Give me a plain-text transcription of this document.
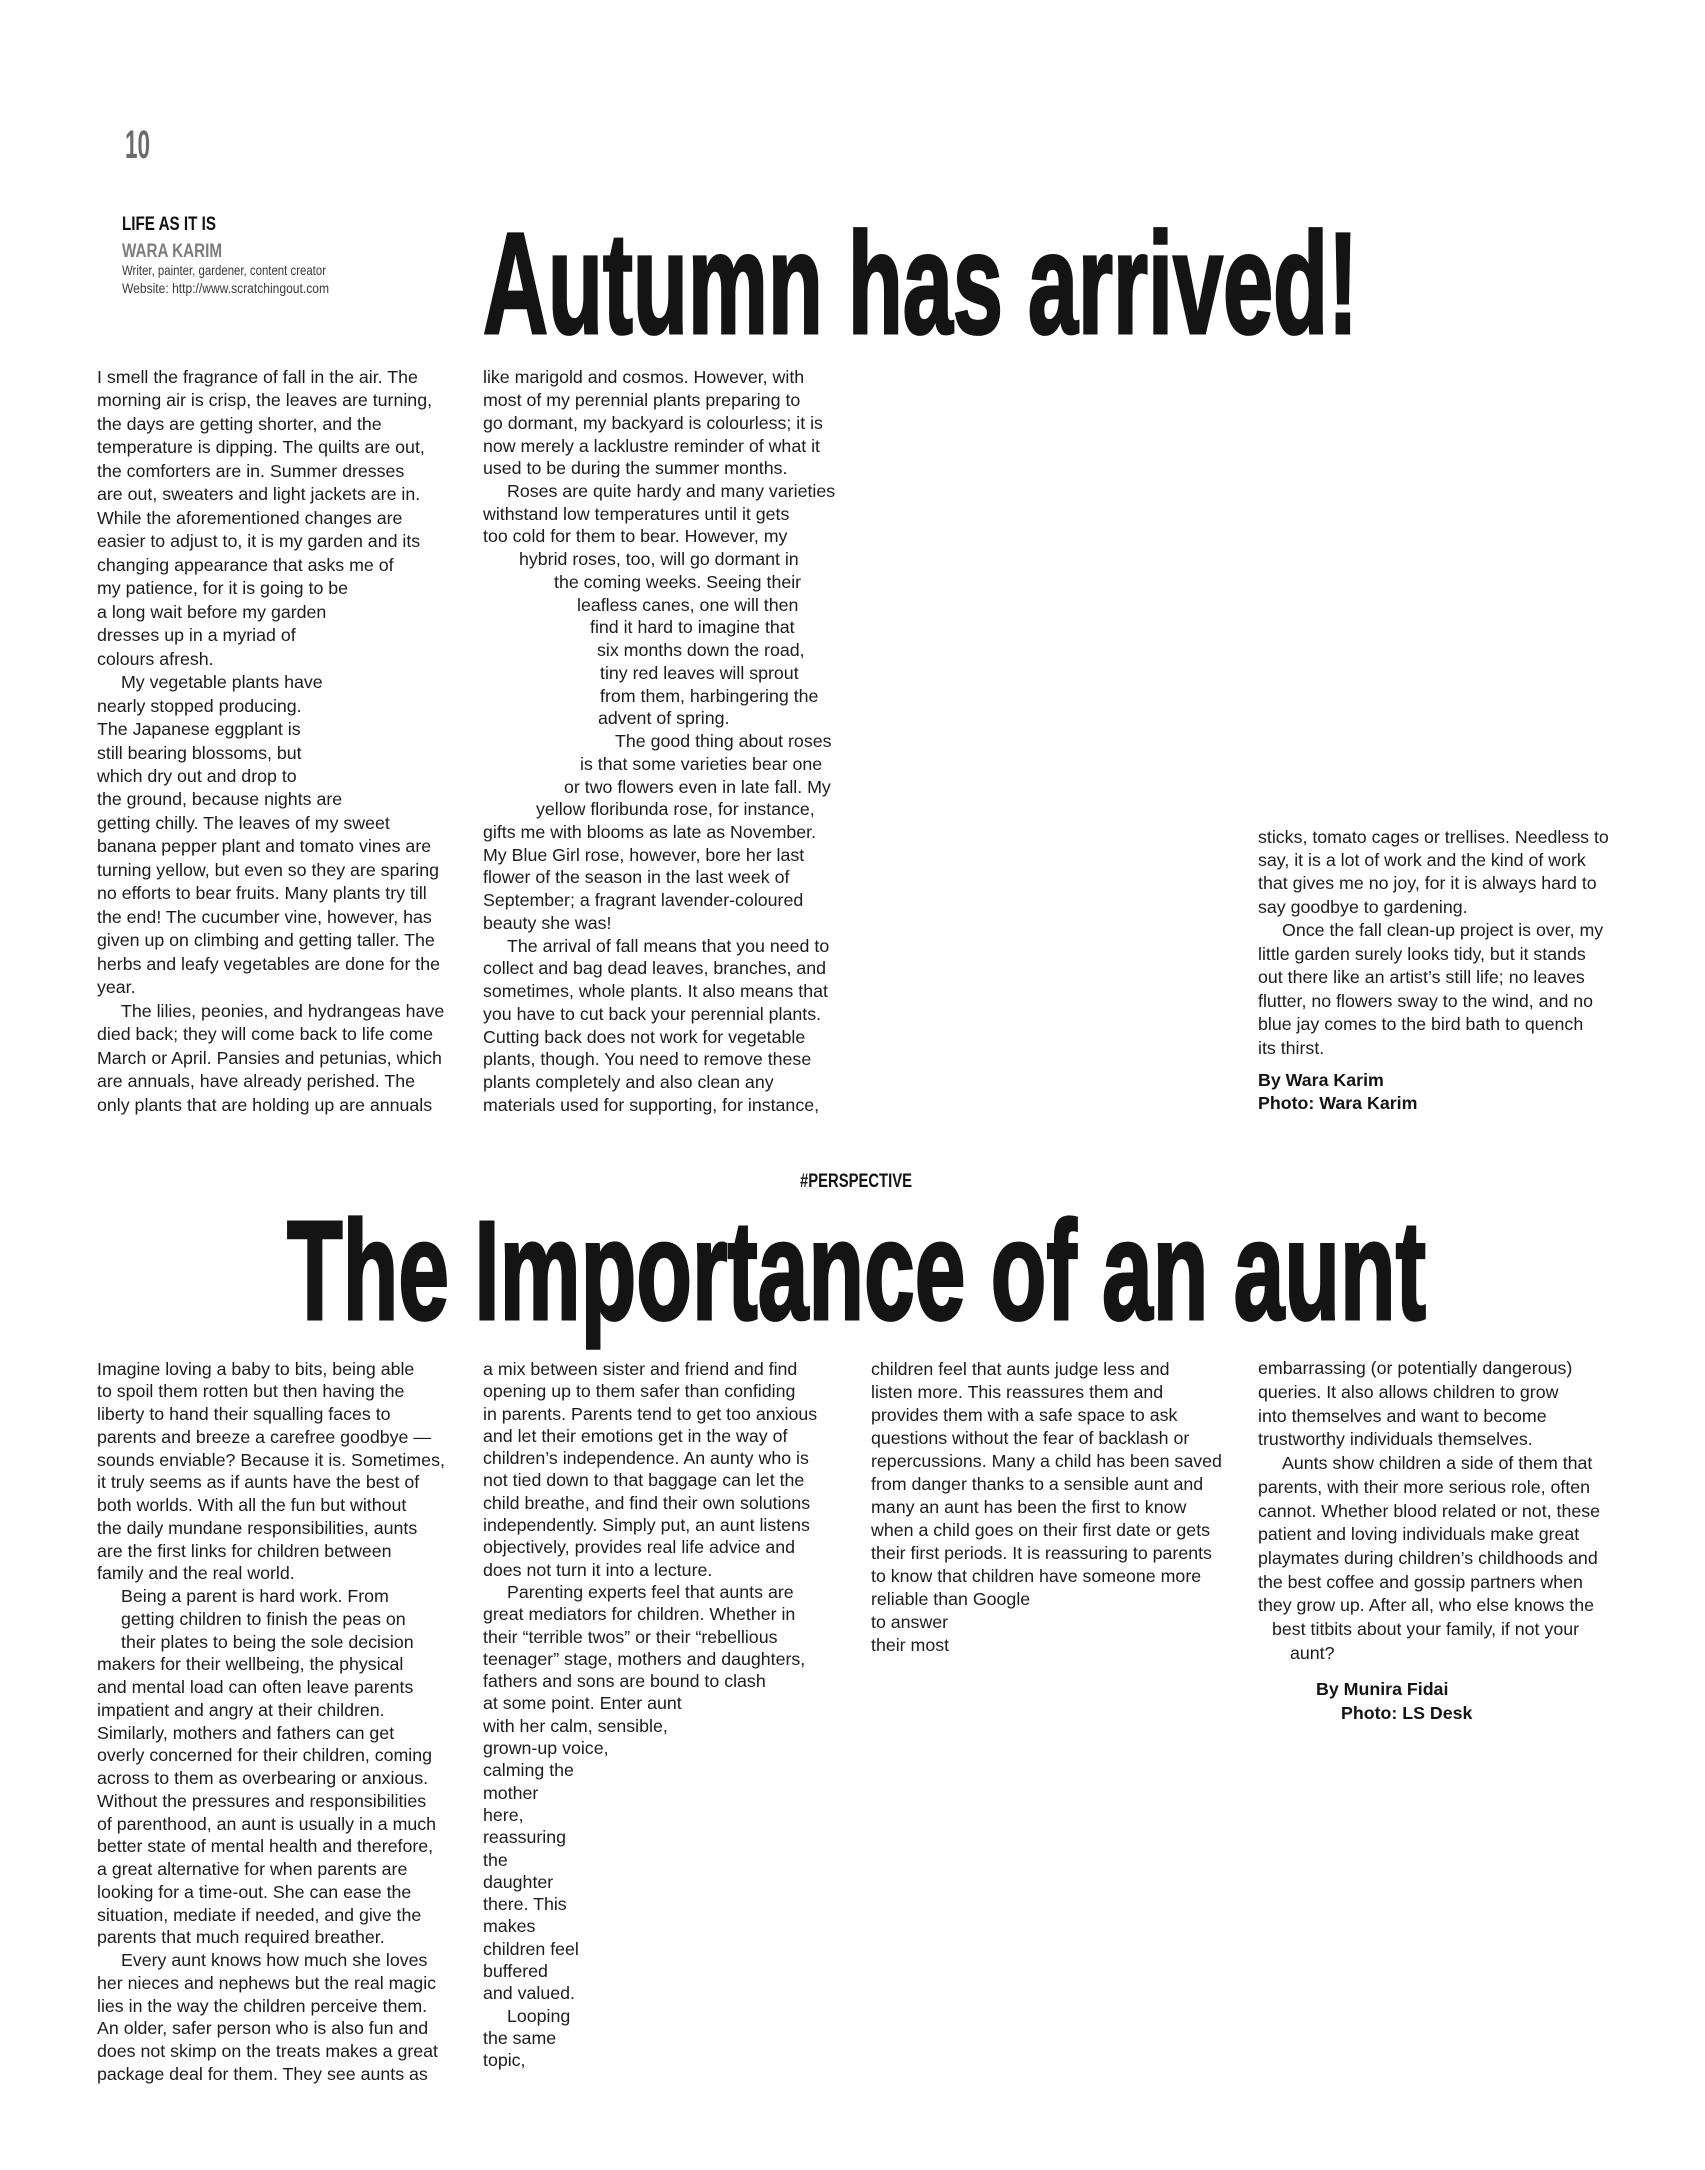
10
LIFE AS IT IS
WARA KARIM
Writer, painter, gardener, content creator
Website: http://www.scratchingout.com Autumn has arrived!
#PERSPECTIVE
The Importance of an aunt
I smell the fragrance of fall in the air. The
morning air is crisp, the leaves are turning,
the days are getting shorter, and the
temperature is dipping. The quilts are out,
the comforters are in. Summer dresses
are out, sweaters and light jackets are in.
While the aforementioned changes are
easier to adjust to, it is my garden and its
changing appearance that asks me of
my patience, for it is going to be
a long wait before my garden
dresses up in a myriad of
colours afresh.
My vegetable plants have
nearly stopped producing.
The Japanese eggplant is
still bearing blossoms, but
which dry out and drop to
the ground, because nights are
getting chilly. The leaves of my sweet
banana pepper plant and tomato vines are
turning yellow, but even so they are sparing
no efforts to bear fruits. Many plants try till
the end! The cucumber vine, however, has
given up on climbing and getting taller. The
herbs and leafy vegetables are done for the
year.
The lilies, peonies, and hydrangeas have
died back; they will come back to life come
March or April. Pansies and petunias, which
are annuals, have already perished. The
only plants that are holding up are annuals
like marigold and cosmos. However, with
most of my perennial plants preparing to
go dormant, my backyard is colourless; it is
now merely a lacklustre reminder of what it
used to be during the summer months.
Roses are quite hardy and many varieties
withstand low temperatures until it gets
too cold for them to bear. However, my
hybrid roses, too, will go dormant in
the coming weeks. Seeing their
leafless canes, one will then
find it hard to imagine that
six months down the road,
tiny red leaves will sprout
from them, harbingering the
advent of spring.
The good thing about roses
is that some varieties bear one
or two flowers even in late fall. My
yellow floribunda rose, for instance,
gifts me with blooms as late as November.
My Blue Girl rose, however, bore her last
flower of the season in the last week of
September; a fragrant lavender-coloured
beauty she was!
The arrival of fall means that you need to
collect and bag dead leaves, branches, and
sometimes, whole plants. It also means that
you have to cut back your perennial plants.
Cutting back does not work for vegetable
plants, though. You need to remove these
plants completely and also clean any
materials used for supporting, for instance,
sticks, tomato cages or trellises. Needless to
say, it is a lot of work and the kind of work
that gives me no joy, for it is always hard to
say goodbye to gardening.
Once the fall clean-up project is over, my
little garden surely looks tidy, but it stands
out there like an artist’s still life; no leaves
flutter, no flowers sway to the wind, and no
blue jay comes to the bird bath to quench
its thirst.
By Wara Karim
Photo: Wara Karim
Imagine loving a baby to bits, being able
to spoil them rotten but then having the
liberty to hand their squalling faces to
parents and breeze a carefree goodbye —
sounds enviable? Because it is. Sometimes,
it truly seems as if aunts have the best of
both worlds. With all the fun but without
the daily mundane responsibilities, aunts
are the first links for children between
family and the real world.
Being a parent is hard work. From
getting children to finish the peas on
their plates to being the sole decision
makers for their wellbeing, the physical
and mental load can often leave parents
impatient and angry at their children.
Similarly, mothers and fathers can get
overly concerned for their children, coming
across to them as overbearing or anxious.
Without the pressures and responsibilities
of parenthood, an aunt is usually in a much
better state of mental health and therefore,
a great alternative for when parents are
looking for a time-out. She can ease the
situation, mediate if needed, and give the
parents that much required breather.
Every aunt knows how much she loves
her nieces and nephews but the real magic
lies in the way the children perceive them.
An older, safer person who is also fun and
does not skimp on the treats makes a great
package deal for them. They see aunts as
a mix between sister and friend and find
opening up to them safer than confiding
in parents. Parents tend to get too anxious
and let their emotions get in the way of
children’s independence. An aunty who is
not tied down to that baggage can let the
child breathe, and find their own solutions
independently. Simply put, an aunt listens
objectively, provides real life advice and
does not turn it into a lecture.
Parenting experts feel that aunts are
great mediators for children. Whether in
their “terrible twos” or their “rebellious
teenager” stage, mothers and daughters,
fathers and sons are bound to clash
at some point. Enter aunt
with her calm, sensible,
grown-up voice,
calming the
mother
here,
reassuring
the
daughter
there. This
makes
children feel
buffered
and valued.
Looping
the same
topic,
children feel that aunts judge less and
listen more. This reassures them and
provides them with a safe space to ask
questions without the fear of backlash or
repercussions. Many a child has been saved
from danger thanks to a sensible aunt and
many an aunt has been the first to know
when a child goes on their first date or gets
their first periods. It is reassuring to parents
to know that children have someone more
reliable than Google
to answer
their most
embarrassing (or potentially dangerous)
queries. It also allows children to grow
into themselves and want to become
trustworthy individuals themselves.
Aunts show children a side of them that
parents, with their more serious role, often
cannot. Whether blood related or not, these
patient and loving individuals make great
playmates during children’s childhoods and
the best coffee and gossip partners when
they grow up. After all, who else knows the
best titbits about your family, if not your
aunt?
By Munira Fidai
Photo: LS Desk
